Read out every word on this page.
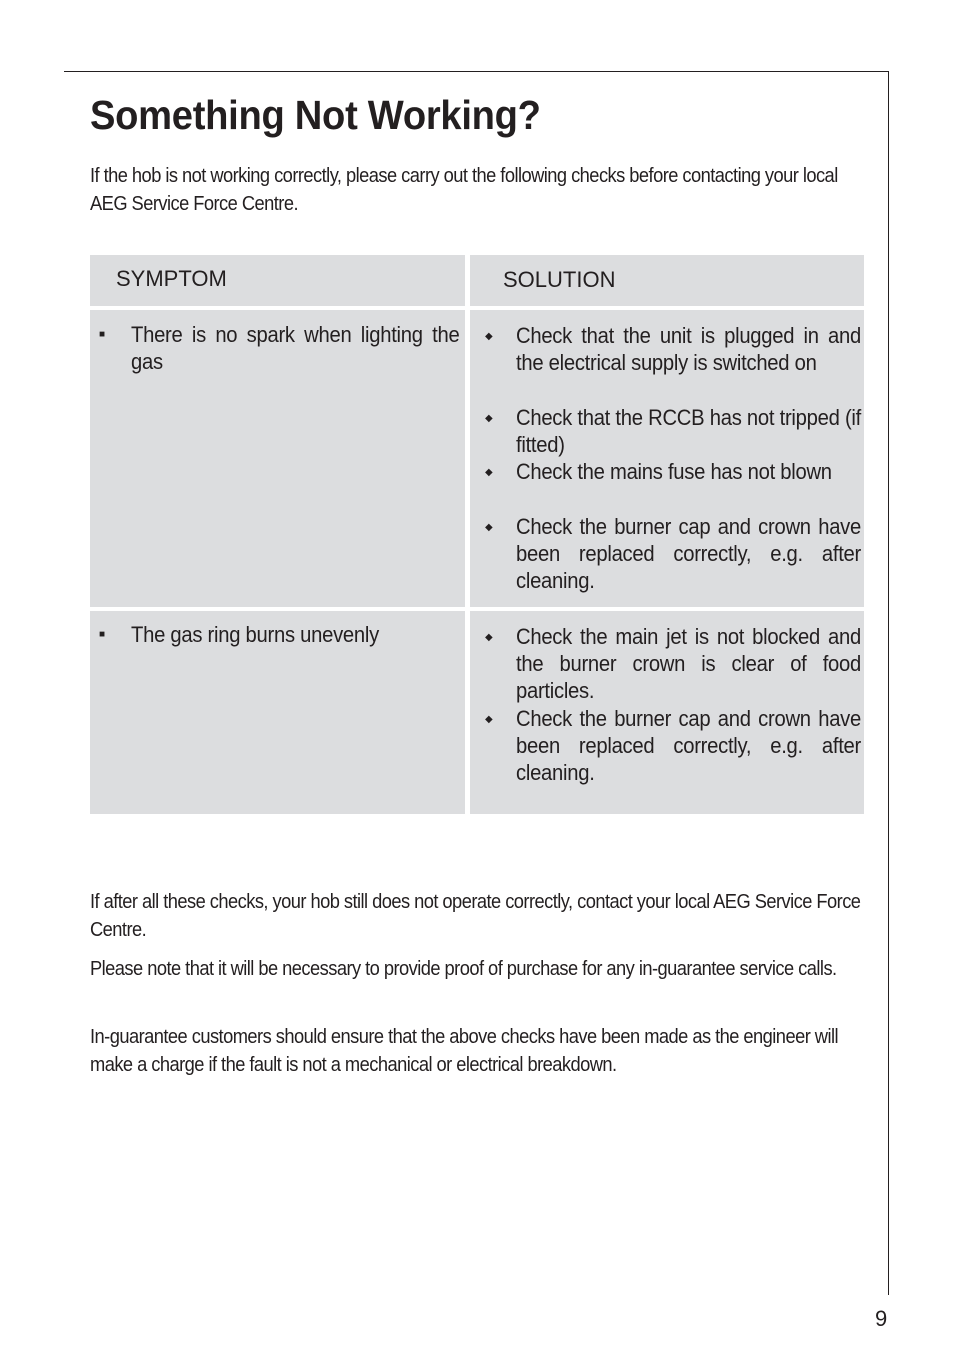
Something Not Working?

If the hob is not working correctly, please carry out the following checks before contacting your local AEG Service Force Centre.

SYMPTOM	SOLUTION
■ There is no spark when lighting the gas
◆ Check that the unit is plugged in and the electrical supply is switched on
◆ Check that the RCCB has not tripped (if fitted)
◆ Check the mains fuse has not blown
◆ Check the burner cap and crown have been replaced correctly, e.g. after cleaning.
■ The gas ring burns unevenly	◆ Check the main jet is not blocked and the burner crown is clear of food particles.
◆ Check the burner cap and crown have been replaced correctly, e.g. after cleaning.

If after all these checks, your hob still does not operate correctly, contact your local AEG Service Force Centre.

Please note that it will be necessary to provide proof of purchase for any in-guarantee service calls.

In-guarantee customers should ensure that the above checks have been made as the engineer will make a charge if the fault is not a mechanical or electrical breakdown.

9
